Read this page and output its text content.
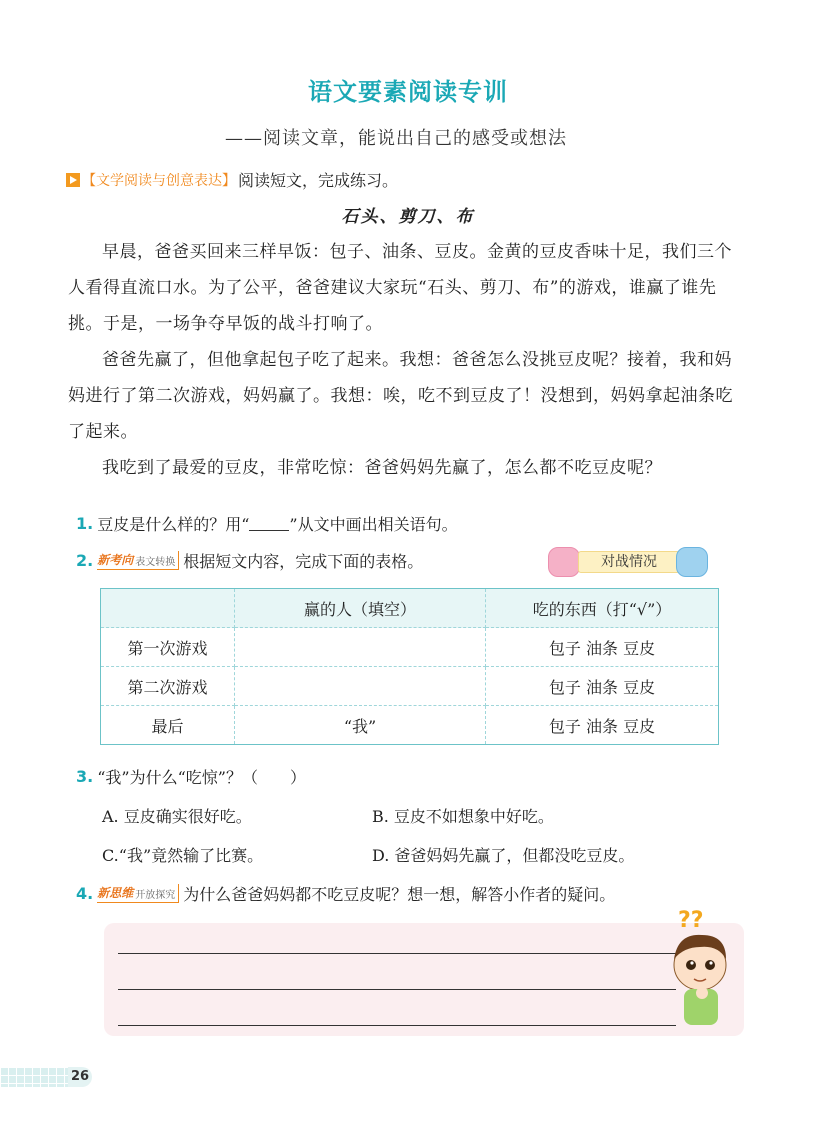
语文要素阅读专训
——阅读文章，能说出自己的感受或想法
【文学阅读与创意表达】 阅读短文，完成练习。
石头、剪刀、布

早晨，爸爸买回来三样早饭：包子、油条、豆皮。金黄的豆皮香味十足，我们三个人看得直流口水。为了公平，爸爸建议大家玩“石头、剪刀、布”的游戏，谁赢了谁先挑。于是，一场争夺早饭的战斗打响了。

爸爸先赢了，但他拿起包子吃了起来。我想：爸爸怎么没挑豆皮呢？接着，我和妈妈进行了第二次游戏，妈妈赢了。我想：唉，吃不到豆皮了！没想到，妈妈拿起油条吃了起来。

我吃到了最爱的豆皮，非常吃惊：爸爸妈妈先赢了，怎么都不吃豆皮呢？

1. 豆皮是什么样的？用“	”从文中画出相关语句。
2. 新考向 表文转换 根据短文内容，完成下面的表格。	对战情况
	赢的人（填空）	吃的东西（打“√”）
第一次游戏		包子 油条 豆皮
第二次游戏		包子 油条 豆皮
最后	“我”	包子 油条 豆皮
3. “我”为什么“吃惊”？（　　）
A. 豆皮确实很好吃。	B. 豆皮不如想象中好吃。
C.“我”竟然输了比赛。	D. 爸爸妈妈先赢了，但都没吃豆皮。
4. 新思维 开放探究 为什么爸爸妈妈都不吃豆皮呢？想一想，解答小作者的疑问。
??
26
